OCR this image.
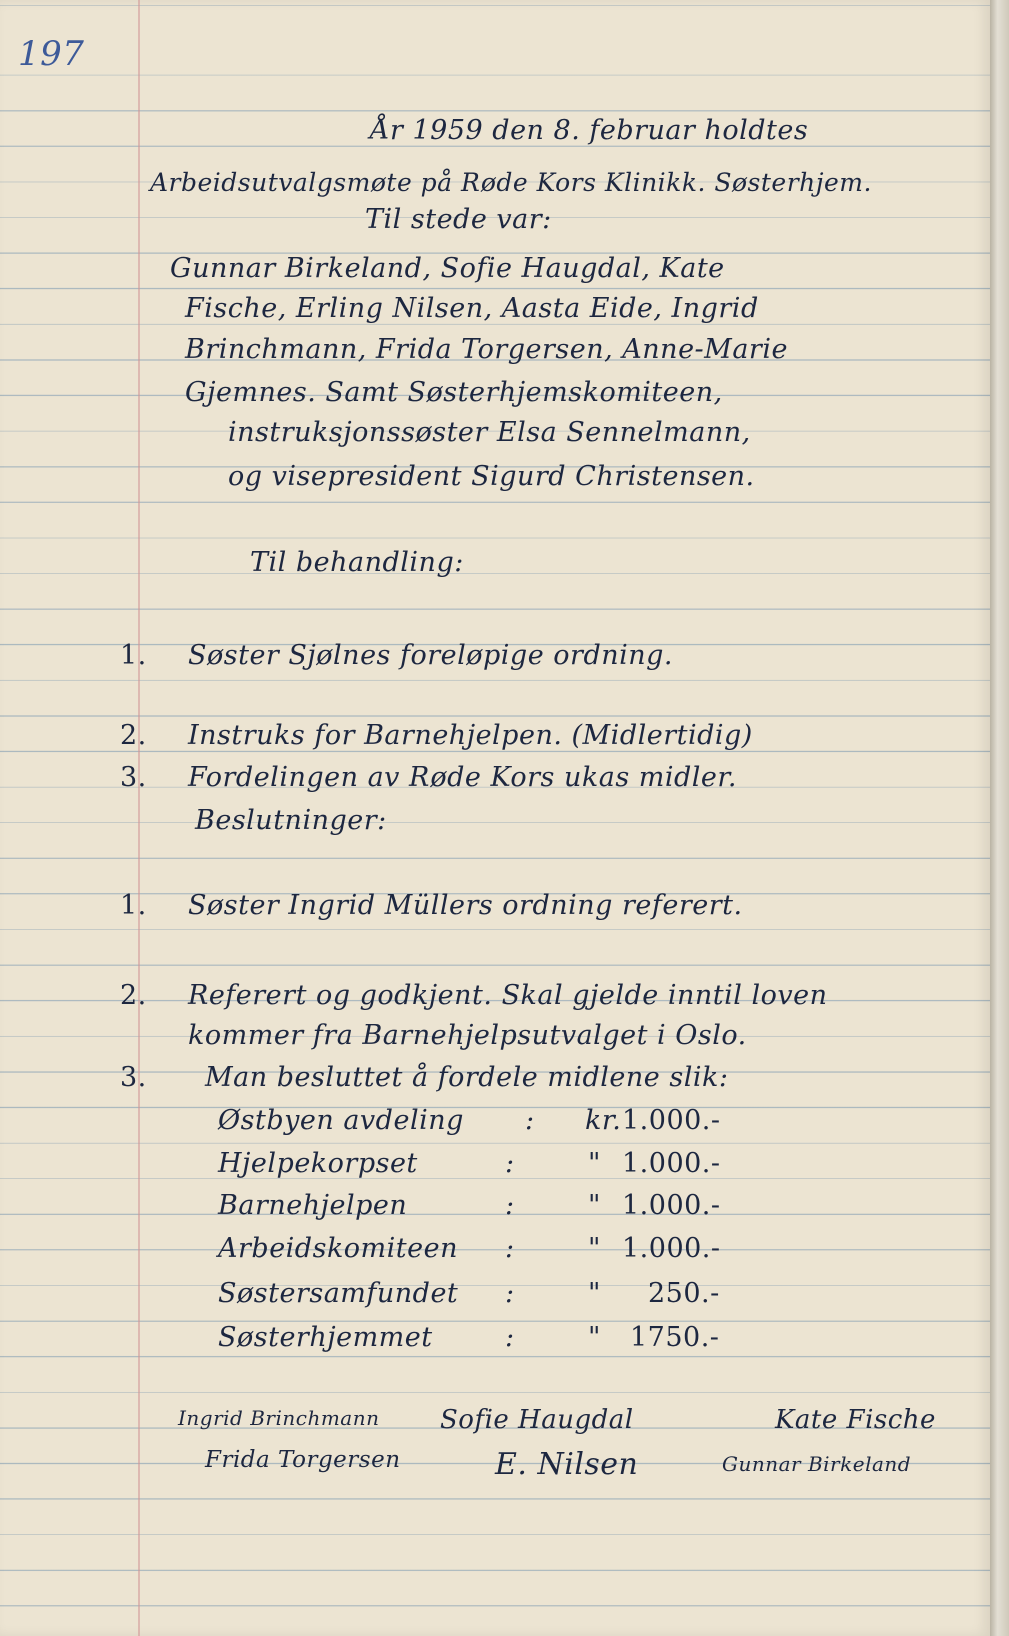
197
År 1959 den 8. februar holdtes
Arbeidsutvalgsmøte på Røde Kors Klinikk. Søsterhjem.
Til stede var:
Gunnar Birkeland, Sofie Haugdal, Kate
Fische, Erling Nilsen, Aasta Eide, Ingrid
Brinchmann, Frida Torgersen, Anne-Marie
Gjemnes. Samt Søsterhjemskomiteen,
instruksjonssøster Elsa Sennelmann,
og visepresident Sigurd Christensen.
Til behandling:
1. Søster Sjølnes foreløpige ordning.
2. Instruks for Barnehjelpen. (Midlertidig)
3. Fordelingen av Røde Kors ukas midler.
Beslutninger:
1. Søster Ingrid Müllers ordning referert.
2. Referert og godkjent. Skal gjelde inntil loven
kommer fra Barnehjelpsutvalget i Oslo.
3. Man besluttet å fordele midlene slik:
Østbyen avdeling : kr. 1.000.-
Hjelpekorpset	:	" 1.000.-
Barnehjelpen	:	" 1.000.-
Arbeidskomiteen :	" 1.000.-
Søstersamfundet :	" 250.-
Søsterhjemmet	:	" 1750.-
Ingrid Brinchmann Sofie Haugdal	Kate Fische
Frida Torgersen	E. Nilsen	Gunnar Birkeland
